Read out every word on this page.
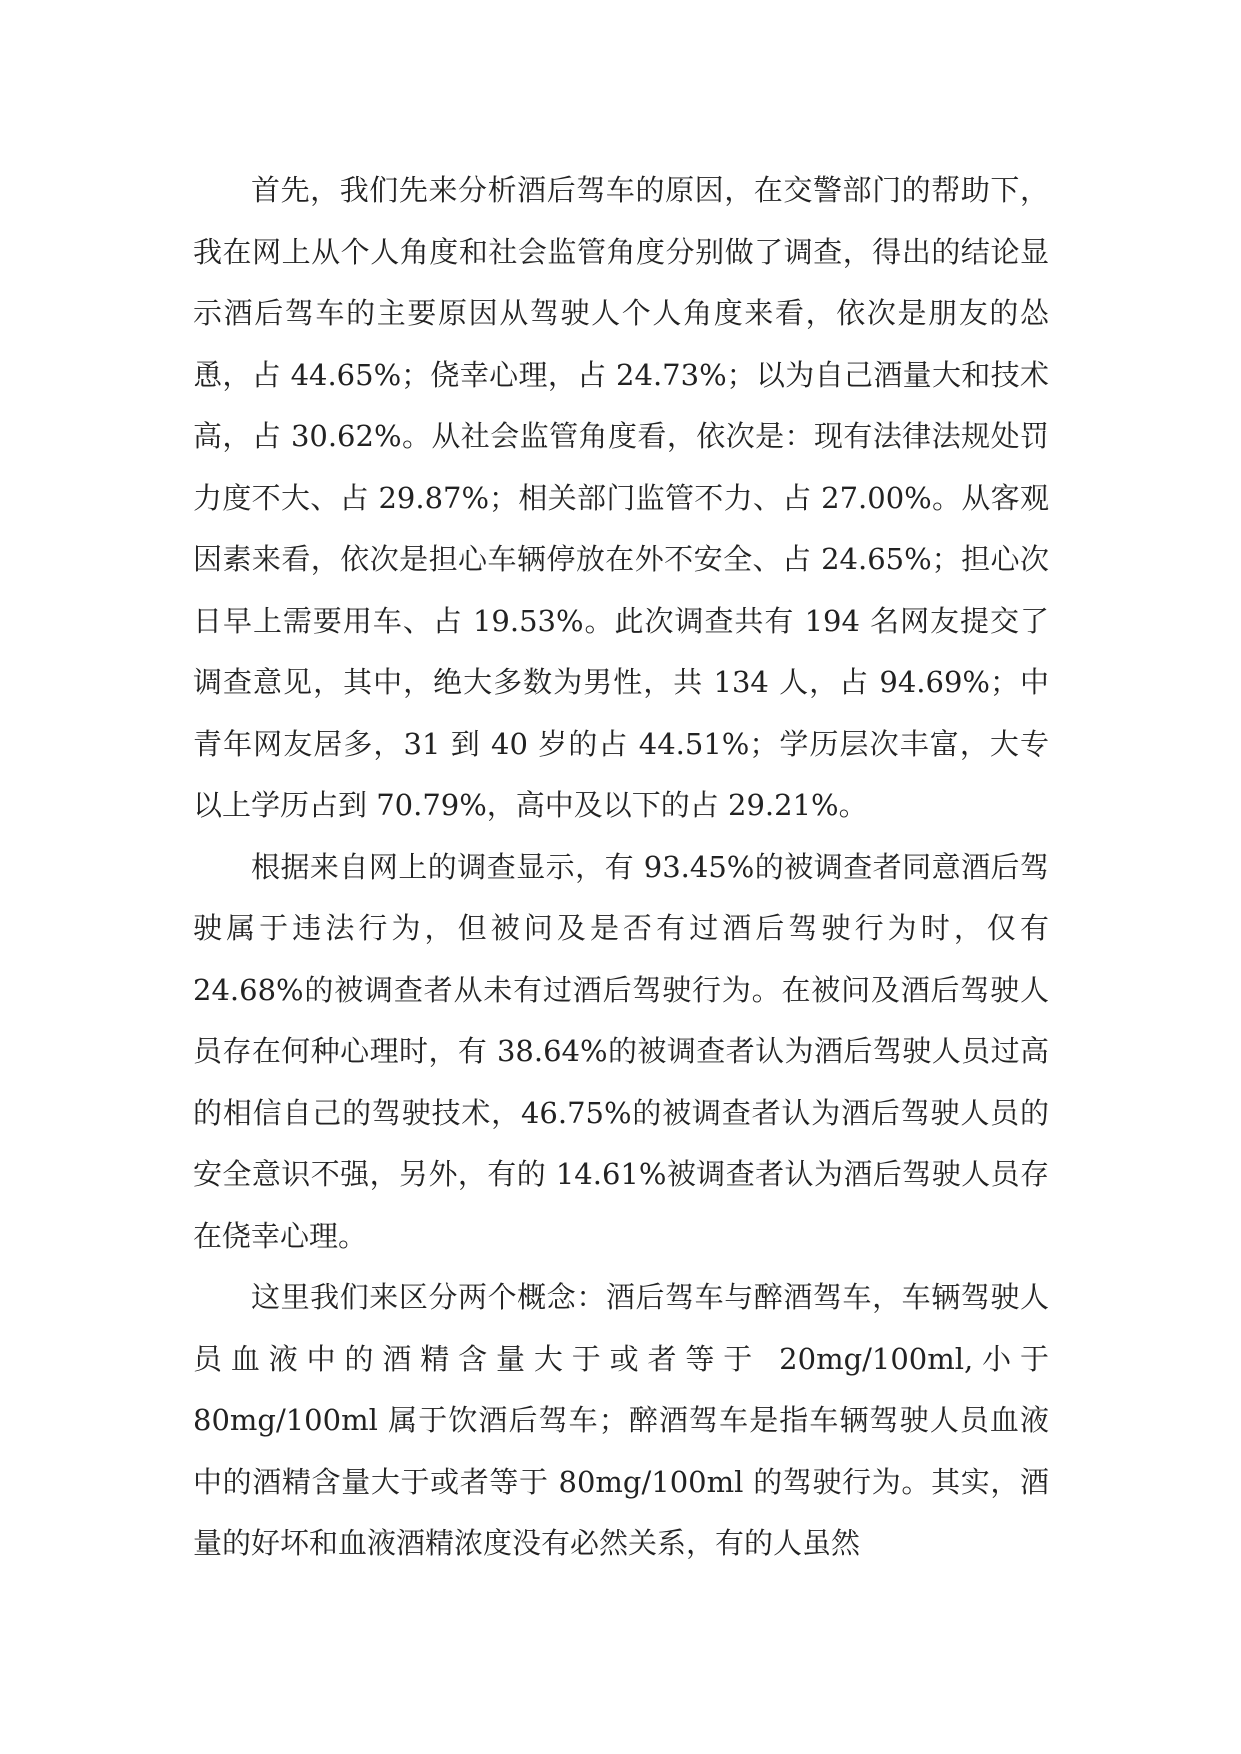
首先，我们先来分析酒后驾车的原因，在交警部门的帮助下，我在网上从个人角度和社会监管角度分别做了调查，得出的结论显示酒后驾车的主要原因从驾驶人个人角度来看，依次是朋友的怂恿，占 44.65%；侥幸心理，占 24.73%；以为自己酒量大和技术高，占 30.62%。从社会监管角度看，依次是：现有法律法规处罚力度不大、占 29.87%；相关部门监管不力、占 27.00%。从客观因素来看，依次是担心车辆停放在外不安全、占 24.65%；担心次日早上需要用车、占 19.53%。此次调查共有 194 名网友提交了调查意见，其中，绝大多数为男性，共 134 人，占 94.69%；中青年网友居多，31 到 40 岁的占 44.51%；学历层次丰富，大专以上学历占到 70.79%，高中及以下的占 29.21%。

根据来自网上的调查显示，有 93.45%的被调查者同意酒后驾驶属于违法行为，但被问及是否有过酒后驾驶行为时，仅有 24.68%的被调查者从未有过酒后驾驶行为。在被问及酒后驾驶人员存在何种心理时，有 38.64%的被调查者认为酒后驾驶人员过高的相信自己的驾驶技术，46.75%的被调查者认为酒后驾驶人员的安全意识不强，另外，有的 14.61%被调查者认为酒后驾驶人员存在侥幸心理。

这里我们来区分两个概念：酒后驾车与醉酒驾车，车辆驾驶人员血液中的酒精含量大于或者等于 20mg/100ml,小于 80mg/100ml 属于饮酒后驾车；醉酒驾车是指车辆驾驶人员血液中的酒精含量大于或者等于 80mg/100ml 的驾驶行为。其实，酒量的好坏和血液酒精浓度没有必然关系，有的人虽然
